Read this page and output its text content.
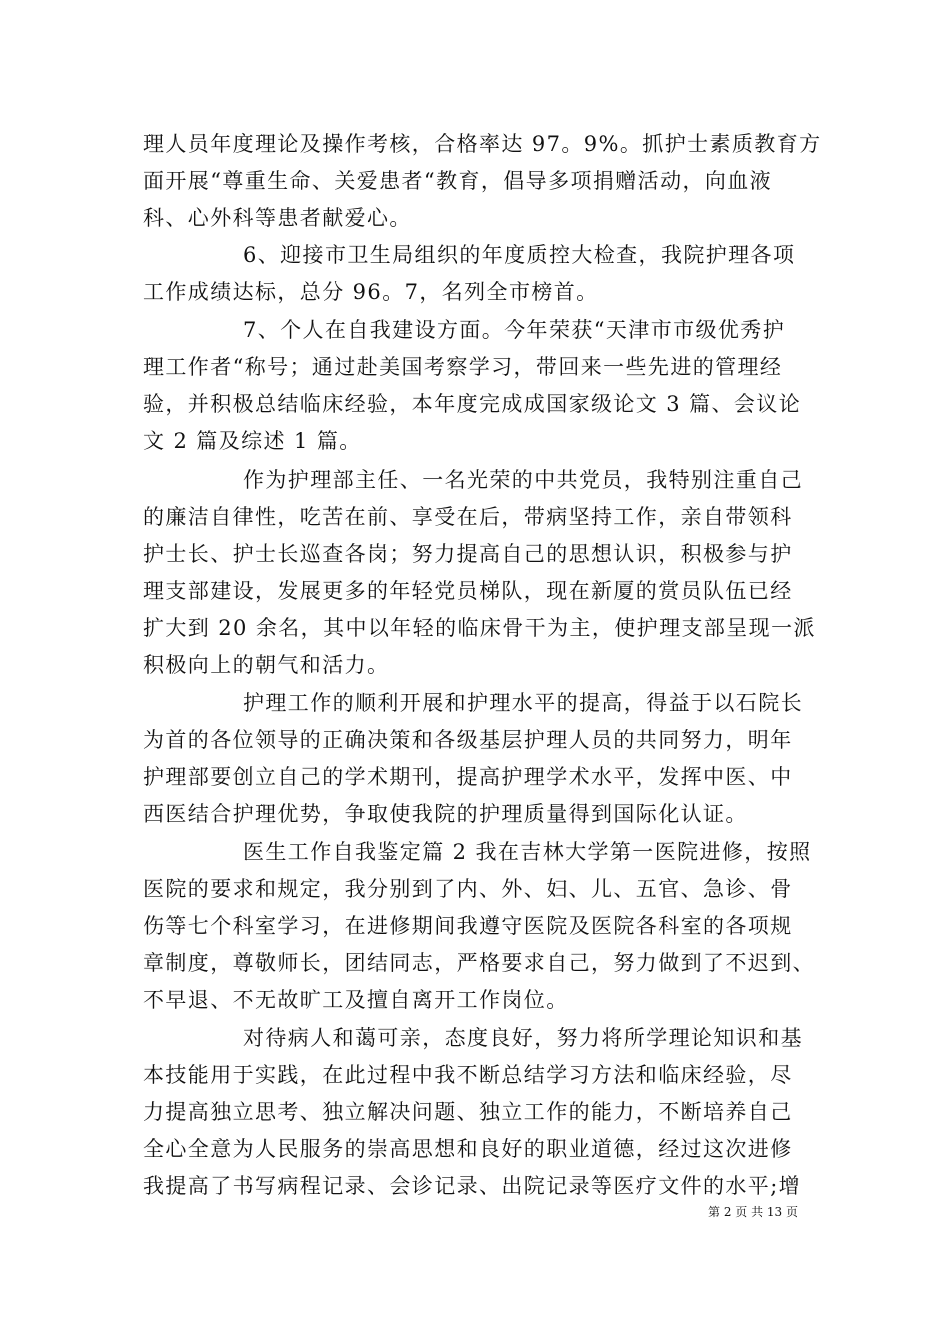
理人员年度理论及操作考核，合格率达 97。9%。抓护士素质教育方
面开展“尊重生命、关爱患者“教育，倡导多项捐赠活动，向血液
科、心外科等患者献爱心。
6、迎接市卫生局组织的年度质控大检查，我院护理各项
工作成绩达标，总分 96。7，名列全市榜首。
7、个人在自我建设方面。今年荣获“天津市市级优秀护
理工作者“称号；通过赴美国考察学习，带回来一些先进的管理经
验，并积极总结临床经验，本年度完成成国家级论文 3 篇、会议论
文 2 篇及综述 1 篇。
作为护理部主任、一名光荣的中共党员，我特别注重自己
的廉洁自律性，吃苦在前、享受在后，带病坚持工作，亲自带领科
护士长、护士长巡查各岗；努力提高自己的思想认识，积极参与护
理支部建设，发展更多的年轻党员梯队，现在新厦的赏员队伍已经
扩大到 20 余名，其中以年轻的临床骨干为主，使护理支部呈现一派
积极向上的朝气和活力。
护理工作的顺利开展和护理水平的提高，得益于以石院长
为首的各位领导的正确决策和各级基层护理人员的共同努力，明年
护理部要创立自己的学术期刊，提高护理学术水平，发挥中医、中
西医结合护理优势，争取使我院的护理质量得到国际化认证。
医生工作自我鉴定篇 2 我在吉林大学第一医院进修，按照
医院的要求和规定，我分别到了内、外、妇、儿、五官、急诊、骨
伤等七个科室学习，在进修期间我遵守医院及医院各科室的各项规
章制度，尊敬师长，团结同志，严格要求自己，努力做到了不迟到、
不早退、不无故旷工及擅自离开工作岗位。
对待病人和蔼可亲，态度良好，努力将所学理论知识和基
本技能用于实践，在此过程中我不断总结学习方法和临床经验，尽
力提高独立思考、独立解决问题、独立工作的能力，不断培养自己
全心全意为人民服务的崇高思想和良好的职业道德，经过这次进修
我提高了书写病程记录、会诊记录、出院记录等医疗文件的水平;增
第 2 页 共 13 页
